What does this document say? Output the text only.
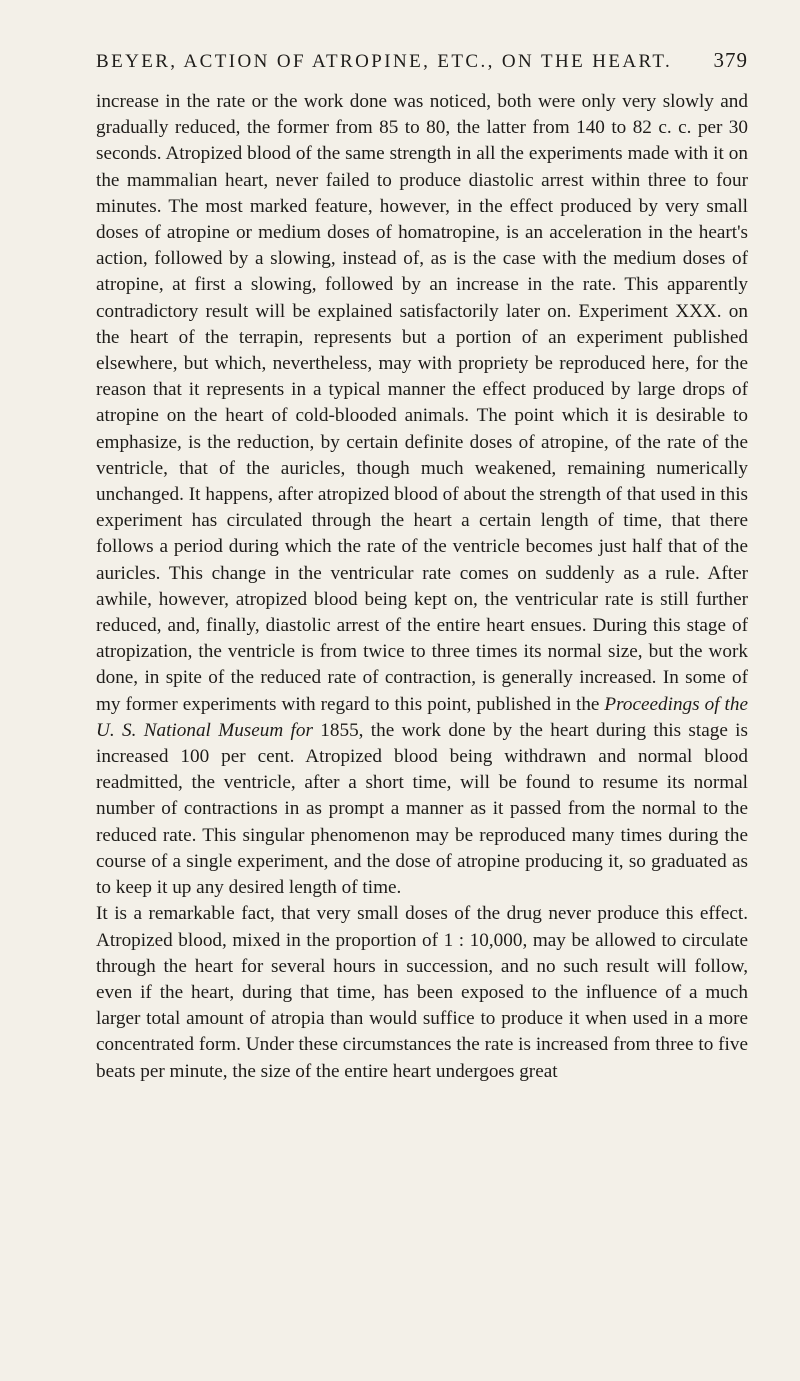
BEYER, ACTION OF ATROPINE, ETC., ON THE HEART. 379

increase in the rate or the work done was noticed, both were only very slowly and gradually reduced, the former from 85 to 80, the latter from 140 to 82 c. c. per 30 seconds. Atropized blood of the same strength in all the experiments made with it on the mammalian heart, never failed to produce diastolic arrest within three to four minutes. The most marked feature, however, in the effect produced by very small doses of atropine or medium doses of homatropine, is an acceleration in the heart's action, followed by a slowing, instead of, as is the case with the medium doses of atropine, at first a slowing, followed by an increase in the rate. This apparently contradictory result will be explained satisfactorily later on. Experiment XXX. on the heart of the terrapin, represents but a portion of an experiment published elsewhere, but which, nevertheless, may with propriety be reproduced here, for the reason that it represents in a typical manner the effect produced by large drops of atropine on the heart of cold-blooded animals. The point which it is desirable to emphasize, is the reduction, by certain definite doses of atropine, of the rate of the ventricle, that of the auricles, though much weakened, remaining numerically unchanged. It happens, after atropized blood of about the strength of that used in this experiment has circulated through the heart a certain length of time, that there follows a period during which the rate of the ventricle becomes just half that of the auricles. This change in the ventricular rate comes on suddenly as a rule. After awhile, however, atropized blood being kept on, the ventricular rate is still further reduced, and, finally, diastolic arrest of the entire heart ensues. During this stage of atropization, the ventricle is from twice to three times its normal size, but the work done, in spite of the reduced rate of contraction, is generally increased. In some of my former experiments with regard to this point, published in the Proceedings of the U. S. National Museum for 1855, the work done by the heart during this stage is increased 100 per cent. Atropized blood being withdrawn and normal blood readmitted, the ventricle, after a short time, will be found to resume its normal number of contractions in as prompt a manner as it passed from the normal to the reduced rate. This singular phenomenon may be reproduced many times during the course of a single experiment, and the dose of atropine producing it, so graduated as to keep it up any desired length of time.

It is a remarkable fact, that very small doses of the drug never produce this effect. Atropized blood, mixed in the proportion of 1 : 10,000, may be allowed to circulate through the heart for several hours in succession, and no such result will follow, even if the heart, during that time, has been exposed to the influence of a much larger total amount of atropia than would suffice to produce it when used in a more concentrated form. Under these circumstances the rate is increased from three to five beats per minute, the size of the entire heart undergoes great
